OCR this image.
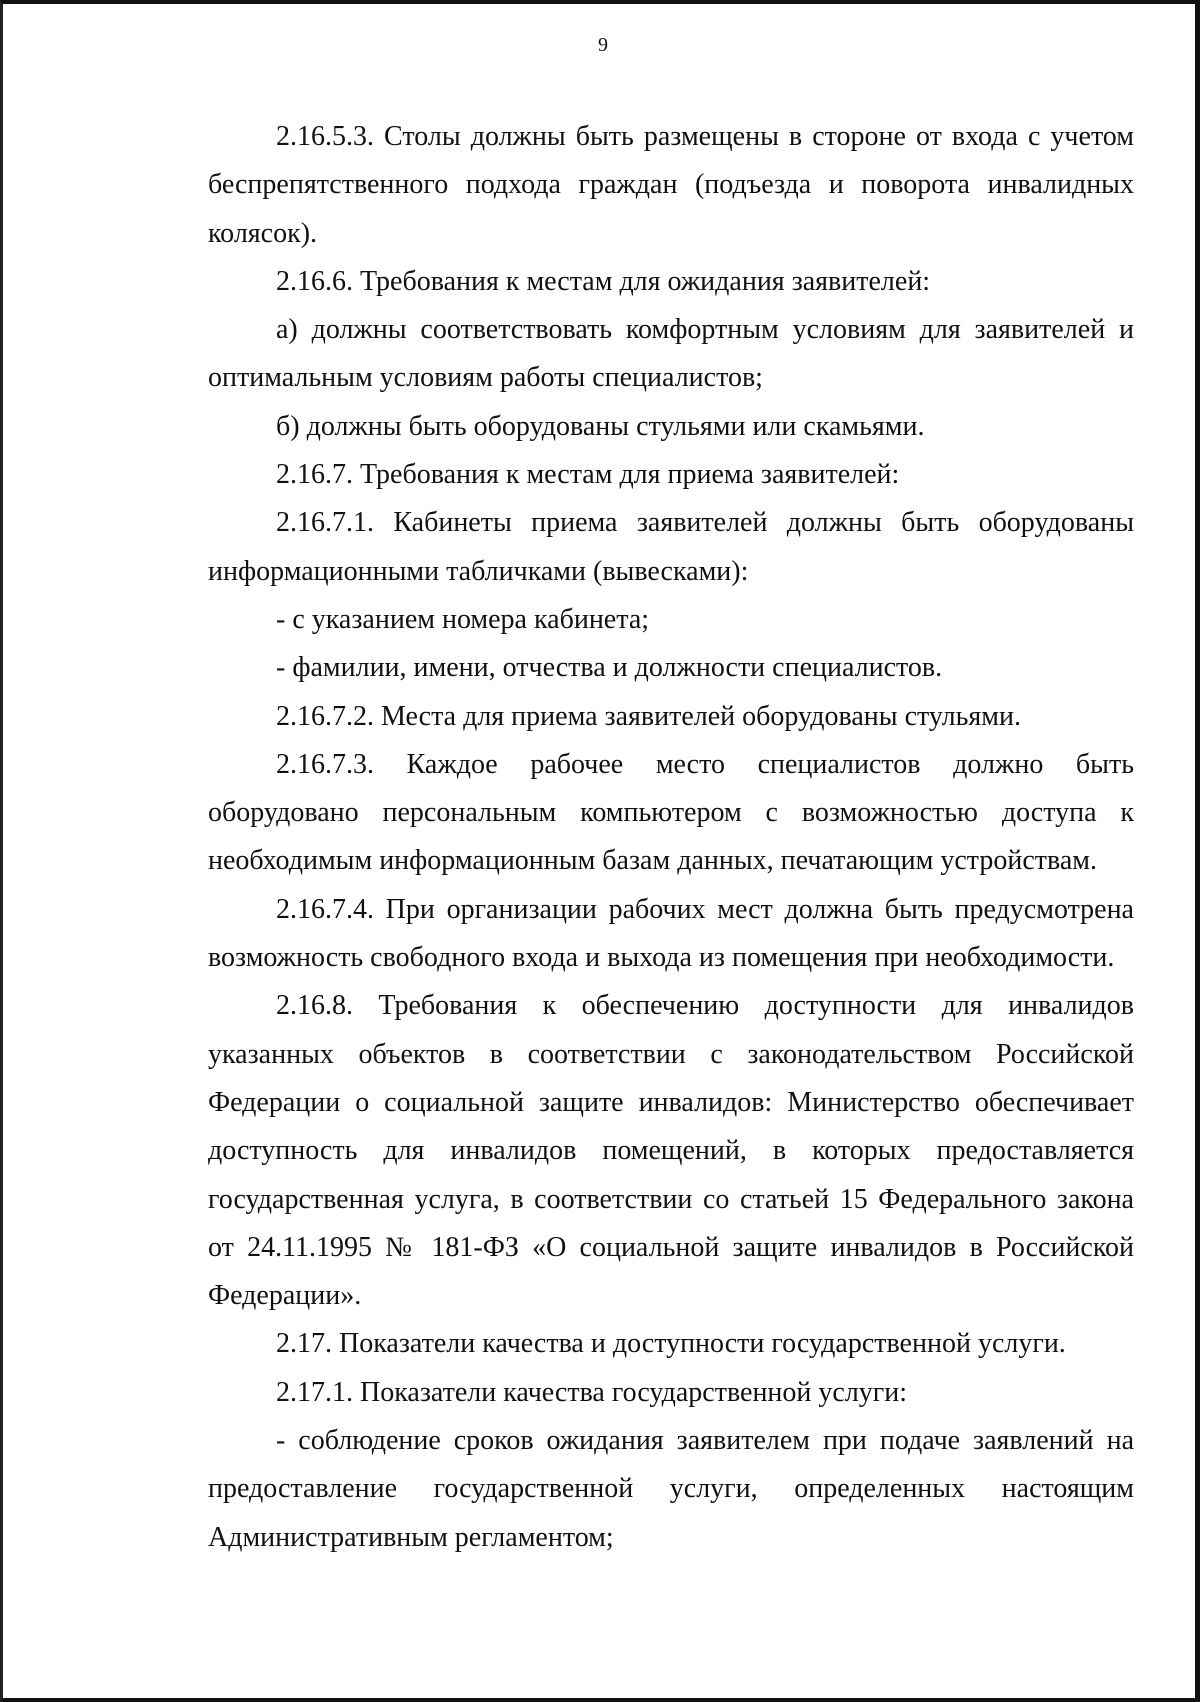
9

2.16.5.3. Столы должны быть размещены в стороне от входа с учетом беспрепятственного подхода граждан (подъезда и поворота инвалидных колясок).

2.16.6. Требования к местам для ожидания заявителей:

а) должны соответствовать комфортным условиям для заявителей и оптимальным условиям работы специалистов;

б) должны быть оборудованы стульями или скамьями.

2.16.7. Требования к местам для приема заявителей:

2.16.7.1. Кабинеты приема заявителей должны быть оборудованы информационными табличками (вывесками):

- с указанием номера кабинета;

- фамилии, имени, отчества и должности специалистов.

2.16.7.2. Места для приема заявителей оборудованы стульями.

2.16.7.3. Каждое рабочее место специалистов должно быть оборудовано персональным компьютером с возможностью доступа к необходимым информационным базам данных, печатающим устройствам.

2.16.7.4. При организации рабочих мест должна быть предусмотрена возможность свободного входа и выхода из помещения при необходимости.

2.16.8. Требования к обеспечению доступности для инвалидов указанных объектов в соответствии с законодательством Российской Федерации о социальной защите инвалидов: Министерство обеспечивает доступность для инвалидов помещений, в которых предоставляется государственная услуга, в соответствии со статьей 15 Федерального закона от 24.11.1995 № 181-ФЗ «О социальной защите инвалидов в Российской Федерации».

2.17. Показатели качества и доступности государственной услуги.

2.17.1. Показатели качества государственной услуги:

- соблюдение сроков ожидания заявителем при подаче заявлений на предоставление государственной услуги, определенных настоящим Административным регламентом;
